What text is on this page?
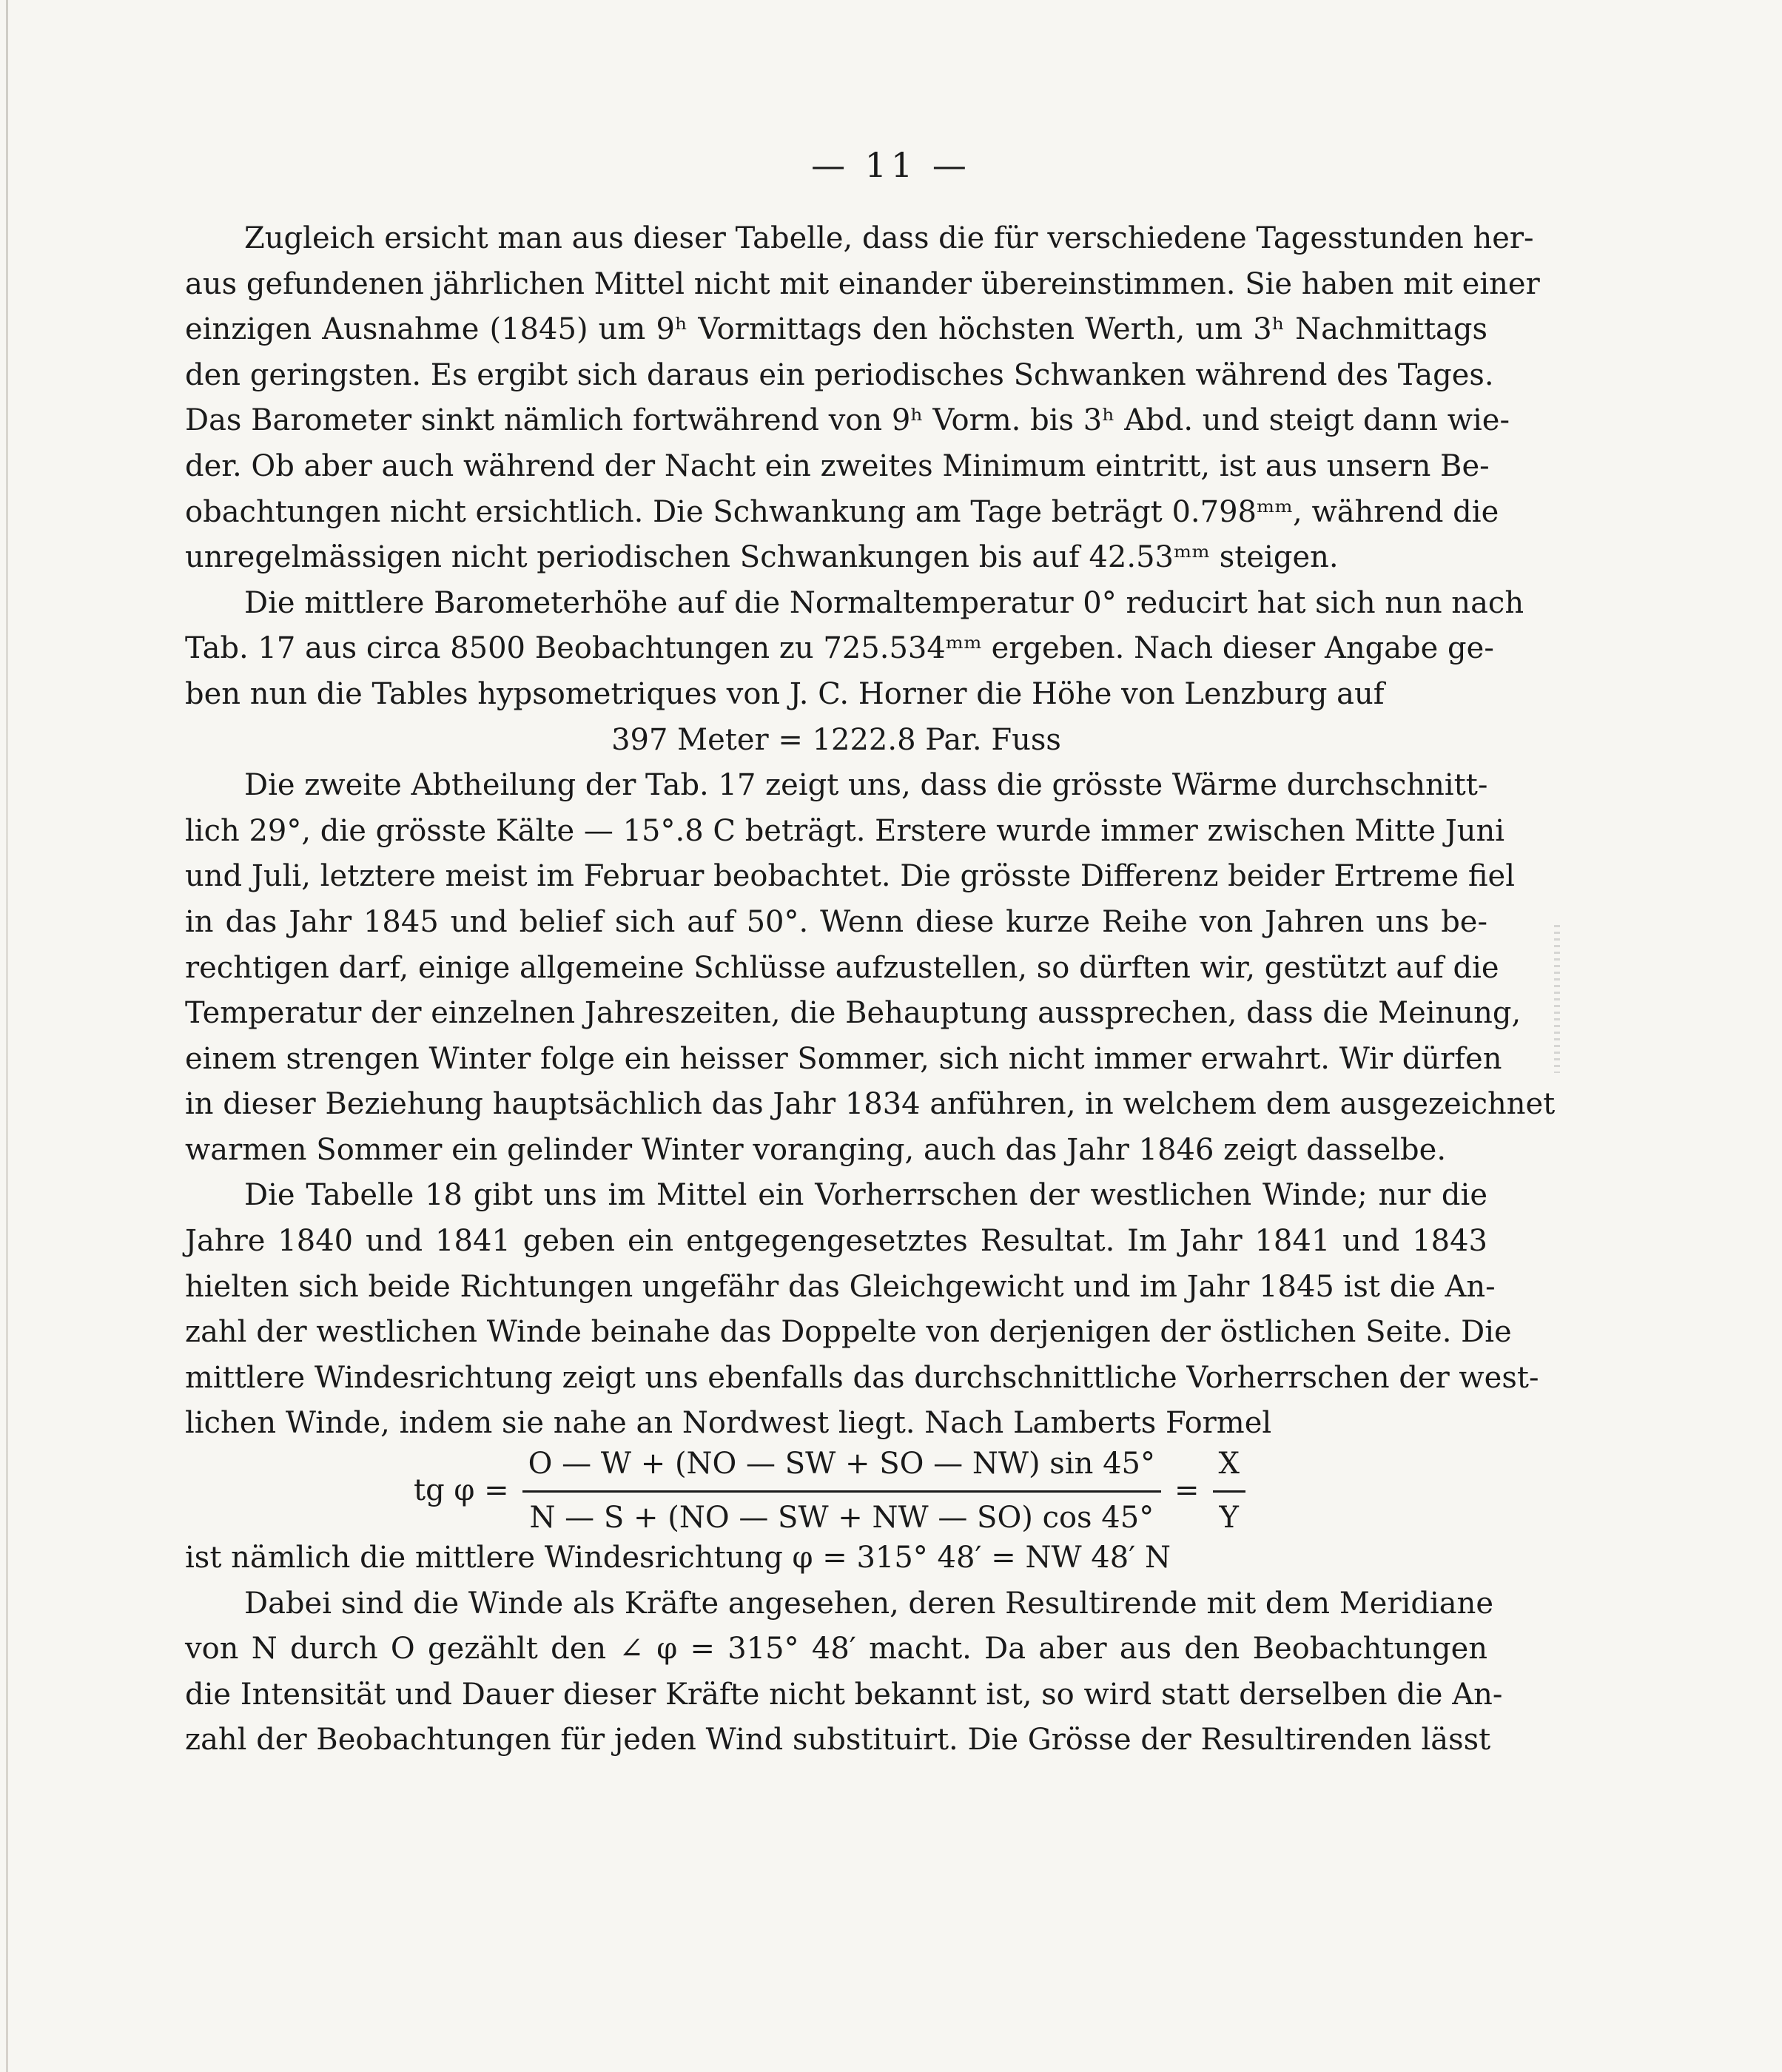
— 11 —
Zugleich ersicht man aus dieser Tabelle, dass die für verschiedene Tagesstunden her-
aus gefundenen jährlichen Mittel nicht mit einander übereinstimmen. Sie haben mit einer
einzigen Ausnahme (1845) um 9ʰ Vormittags den höchsten Werth, um 3ʰ Nachmittags
den geringsten. Es ergibt sich daraus ein periodisches Schwanken während des Tages.
Das Barometer sinkt nämlich fortwährend von 9ʰ Vorm. bis 3ʰ Abd. und steigt dann wie-
der. Ob aber auch während der Nacht ein zweites Minimum eintritt, ist aus unsern Be-
obachtungen nicht ersichtlich. Die Schwankung am Tage beträgt 0.798ᵐᵐ, während die
unregelmässigen nicht periodischen Schwankungen bis auf 42.53ᵐᵐ steigen.
Die mittlere Barometerhöhe auf die Normaltemperatur 0° reducirt hat sich nun nach
Tab. 17 aus circa 8500 Beobachtungen zu 725.534ᵐᵐ ergeben. Nach dieser Angabe ge-
ben nun die Tables hypsometriques von J. C. Horner die Höhe von Lenzburg auf
397 Meter = 1222.8 Par. Fuss
Die zweite Abtheilung der Tab. 17 zeigt uns, dass die grösste Wärme durchschnitt-
lich 29°, die grösste Kälte — 15°.8 C beträgt. Erstere wurde immer zwischen Mitte Juni
und Juli, letztere meist im Februar beobachtet. Die grösste Differenz beider Ertreme fiel
in das Jahr 1845 und belief sich auf 50°. Wenn diese kurze Reihe von Jahren uns be-
rechtigen darf, einige allgemeine Schlüsse aufzustellen, so dürften wir, gestützt auf die
Temperatur der einzelnen Jahreszeiten, die Behauptung aussprechen, dass die Meinung,
einem strengen Winter folge ein heisser Sommer, sich nicht immer erwahrt. Wir dürfen
in dieser Beziehung hauptsächlich das Jahr 1834 anführen, in welchem dem ausgezeichnet
warmen Sommer ein gelinder Winter voranging, auch das Jahr 1846 zeigt dasselbe.
Die Tabelle 18 gibt uns im Mittel ein Vorherrschen der westlichen Winde; nur die
Jahre 1840 und 1841 geben ein entgegengesetztes Resultat. Im Jahr 1841 und 1843
hielten sich beide Richtungen ungefähr das Gleichgewicht und im Jahr 1845 ist die An-
zahl der westlichen Winde beinahe das Doppelte von derjenigen der östlichen Seite. Die
mittlere Windesrichtung zeigt uns ebenfalls das durchschnittliche Vorherrschen der west-
lichen Winde, indem sie nahe an Nordwest liegt. Nach Lamberts Formel
tg $\varphi = \frac{O — W + (NO — SW + SO — NW) \sin 45^\circ}{N — S + (NO — SW + NW — SO) \cos 45^\circ} = \frac{X}{Y}$
ist nämlich die mittlere Windesrichtung φ = 315° 48′ = NW 48′ N
Dabei sind die Winde als Kräfte angesehen, deren Resultirende mit dem Meridiane
von N durch O gezählt den ∠ φ = 315° 48′ macht. Da aber aus den Beobachtungen
die Intensität und Dauer dieser Kräfte nicht bekannt ist, so wird statt derselben die An-
zahl der Beobachtungen für jeden Wind substituirt. Die Grösse der Resultirenden lässt
